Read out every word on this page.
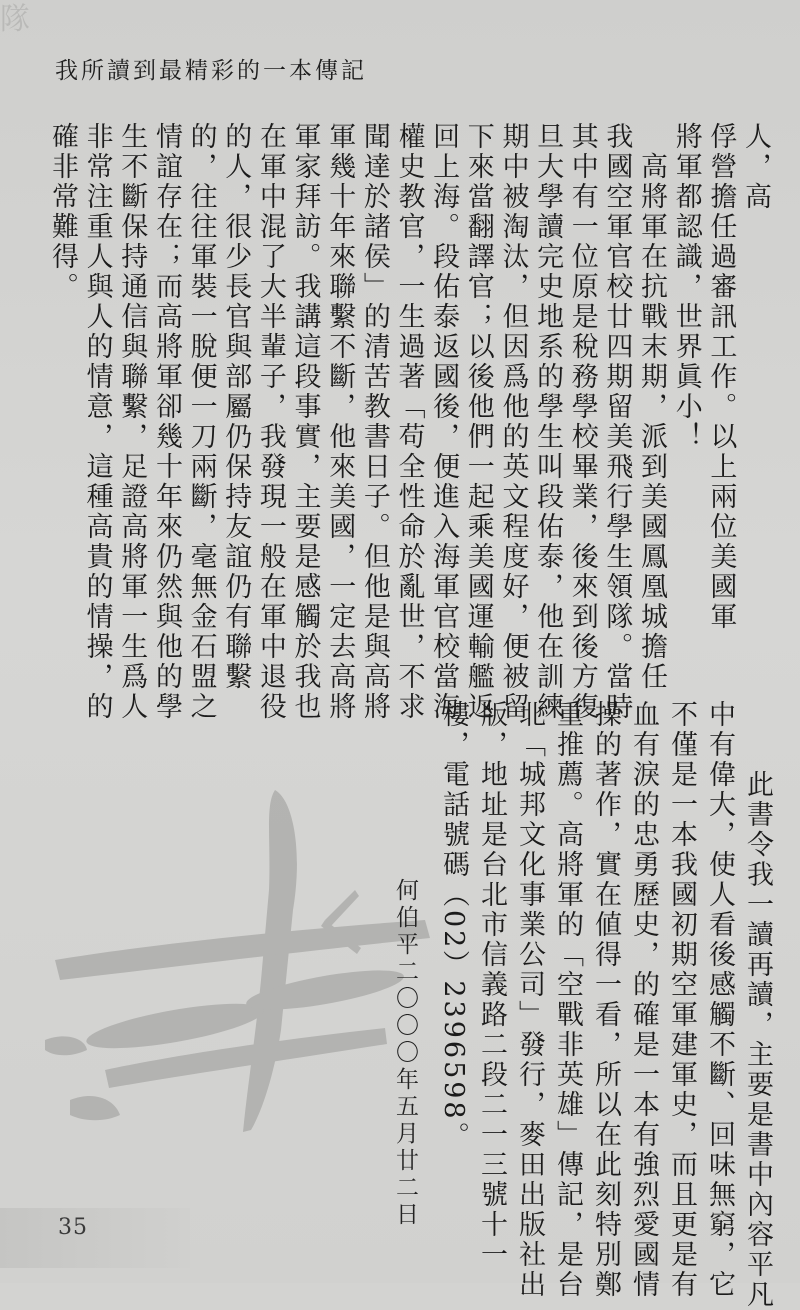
隊
我所讀到最精彩的一本傳記
人，高
俘營擔任過審訊工作。以上兩位美國軍
將軍都認識，世界眞小！
　高將軍在抗戰末期，派到美國鳳凰城擔任
我國空軍官校廿四期留美飛行學生領隊。當時
其中有一位原是稅務學校畢業，後來到後方復
旦大學讀完史地系的學生叫段佑泰，他在訓練
期中被淘汰，但因爲他的英文程度好，便被留
下來當翻譯官；以後他們一起乘美國運輸艦返
回上海。段佑泰返國後，便進入海軍官校當海
權史教官，一生過著「苟全性命於亂世，不求
聞達於諸侯」的清苦教書日子。但他是與高將
軍幾十年來聯繫不斷，他來美國，一定去高將
軍家拜訪。我講這段事實，主要是感觸於我也
在軍中混了大半輩子，我發現一般在軍中退役
的人，很少長官與部屬仍保持友誼仍有聯繫
的，往往軍裝一脫便一刀兩斷，毫無金石盟之
情誼存在；而高將軍卻幾十年來仍然與他的學
生不斷保持通信與聯繫，足證高將軍一生爲人
非常注重人與人的情意，這種高貴的情操，的
確非常難得。
　此書令我一讀再讀，主要是書中內容平凡
中有偉大，使人看後感觸不斷、回味無窮，它
不僅是一本我國初期空軍建軍史，而且更是有
血有淚的忠勇歷史，的確是一本有強烈愛國情
操的著作，實在値得一看，所以在此刻特別鄭
重推薦。高將軍的「空戰非英雄」傳記，是台
北「城邦文化事業公司」發行，麥田出版社出
版，地址是台北市信義路二段二一三號十一
樓，電話號碼（02）2396598。
何伯平二〇〇〇年五月廿二日
35
